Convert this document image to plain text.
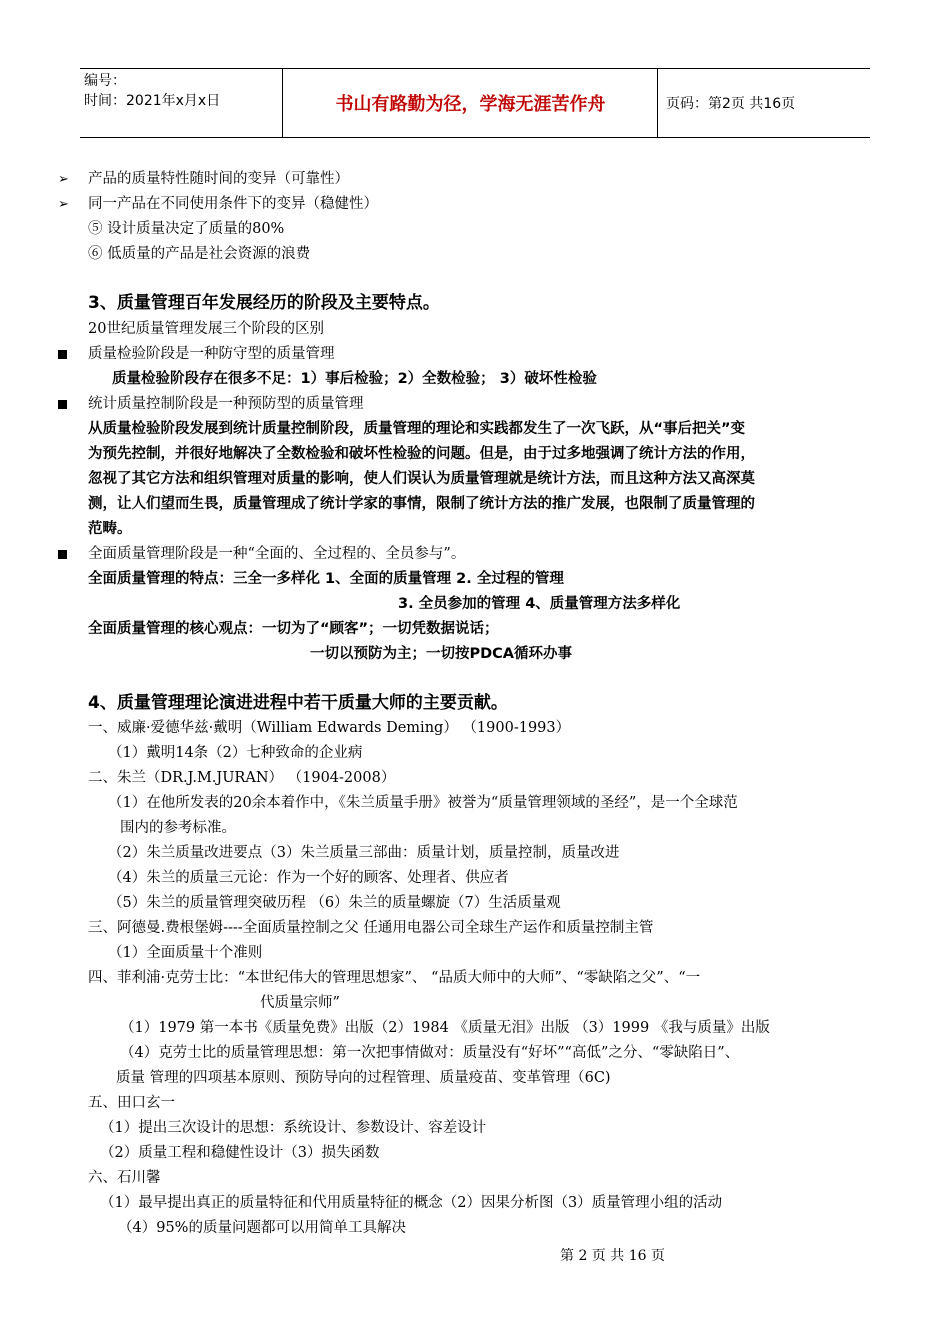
编号：
时间：2021年x月x日	书山有路勤为径，学海无涯苦作舟	页码：第2页 共16页
➢ 产品的质量特性随时间的变异（可靠性）
➢ 同一产品在不同使用条件下的变异（稳健性）
⑤ 设计质量决定了质量的80%
⑥ 低质量的产品是社会资源的浪费
3、质量管理百年发展经历的阶段及主要特点。
20世纪质量管理发展三个阶段的区别
质量检验阶段是一种防守型的质量管理
质量检验阶段存在很多不足：1）事后检验；2）全数检验； 3）破坏性检验
统计质量控制阶段是一种预防型的质量管理
从质量检验阶段发展到统计质量控制阶段，质量管理的理论和实践都发生了一次飞跃，从“事后把关”变
为预先控制，并很好地解决了全数检验和破坏性检验的问题。但是，由于过多地强调了统计方法的作用，
忽视了其它方法和组织管理对质量的影响，使人们误认为质量管理就是统计方法，而且这种方法又高深莫
测，让人们望而生畏，质量管理成了统计学家的事情，限制了统计方法的推广发展，也限制了质量管理的
范畴。
全面质量管理阶段是一种“全面的、全过程的、全员参与”。
全面质量管理的特点：三全一多样化 1、全面的质量管理 2. 全过程的管理
3. 全员参加的管理 4、质量管理方法多样化
全面质量管理的核心观点：一切为了“顾客”；一切凭数据说话；
一切以预防为主；一切按PDCA循环办事
4、质量管理理论演进进程中若干质量大师的主要贡献。
一、威廉·爱德华兹·戴明（William Edwards Deming） （1900-1993）
（1）戴明14条（2）七种致命的企业病
二、朱兰（DR.J.M.JURAN） （1904-2008）
（1）在他所发表的20余本着作中，《朱兰质量手册》被誉为“质量管理领域的圣经”，是一个全球范
围内的参考标准。
（2）朱兰质量改进要点（3）朱兰质量三部曲：质量计划，质量控制，质量改进
（4）朱兰的质量三元论：作为一个好的顾客、处理者、供应者
（5）朱兰的质量管理突破历程 （6）朱兰的质量螺旋（7）生活质量观
三、阿德曼.费根堡姆----全面质量控制之父 任通用电器公司全球生产运作和质量控制主管
（1）全面质量十个准则
四、菲利浦·克劳士比：“本世纪伟大的管理思想家”、 “品质大师中的大师”、“零缺陷之父”、“一
代质量宗师”
（1）1979 第一本书《质量免费》出版（2）1984 《质量无泪》出版 （3）1999 《我与质量》出版
（4）克劳士比的质量管理思想：第一次把事情做对：质量没有“好坏”“高低”之分、“零缺陷日”、
质量 管理的四项基本原则、预防导向的过程管理、质量疫苗、变革管理（6C)
五、田口玄一
（1）提出三次设计的思想：系统设计、参数设计、容差设计
（2）质量工程和稳健性设计（3）损失函数
六、石川馨
（1）最早提出真正的质量特征和代用质量特征的概念（2）因果分析图（3）质量管理小组的活动
（4）95%的质量问题都可以用简单工具解决
第 2 页 共 16 页
